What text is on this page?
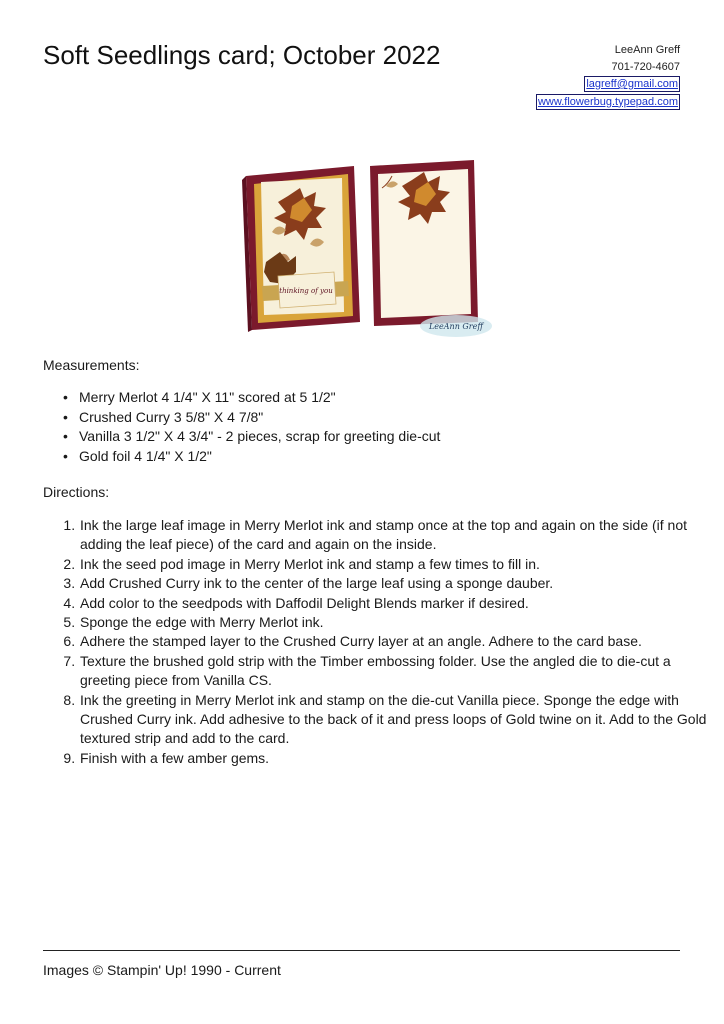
Soft Seedlings card; October 2022	LeeAnn Greff
701-720-4607
lagreff@gmail.com
www.flowerbug.typepad.com
thinking of you
LeeAnn Greff

Measurements:

• Merry Merlot 4 1/4" X 11" scored at 5 1/2"
• Crushed Curry 3 5/8" X 4 7/8"
• Vanilla 3 1/2" X 4 3/4" - 2 pieces, scrap for greeting die-cut
• Gold foil 4 1/4" X 1/2"

Directions:

1. Ink the large leaf image in Merry Merlot ink and stamp once at the top and again on the side (if not adding the leaf piece) of the card and again on the inside.
2. Ink the seed pod image in Merry Merlot ink and stamp a few times to fill in.
3. Add Crushed Curry ink to the center of the large leaf using a sponge dauber.
4. Add color to the seedpods with Daffodil Delight Blends marker if desired.
5. Sponge the edge with Merry Merlot ink.
6. Adhere the stamped layer to the Crushed Curry layer at an angle. Adhere to the card base.
7. Texture the brushed gold strip with the Timber embossing folder. Use the angled die to die-cut a greeting piece from Vanilla CS.
8. Ink the greeting in Merry Merlot ink and stamp on the die-cut Vanilla piece. Sponge the edge with Crushed Curry ink. Add adhesive to the back of it and press loops of Gold twine on it. Add to the Gold textured strip and add to the card.
9. Finish with a few amber gems.
Images © Stampin' Up! 1990 - Current
